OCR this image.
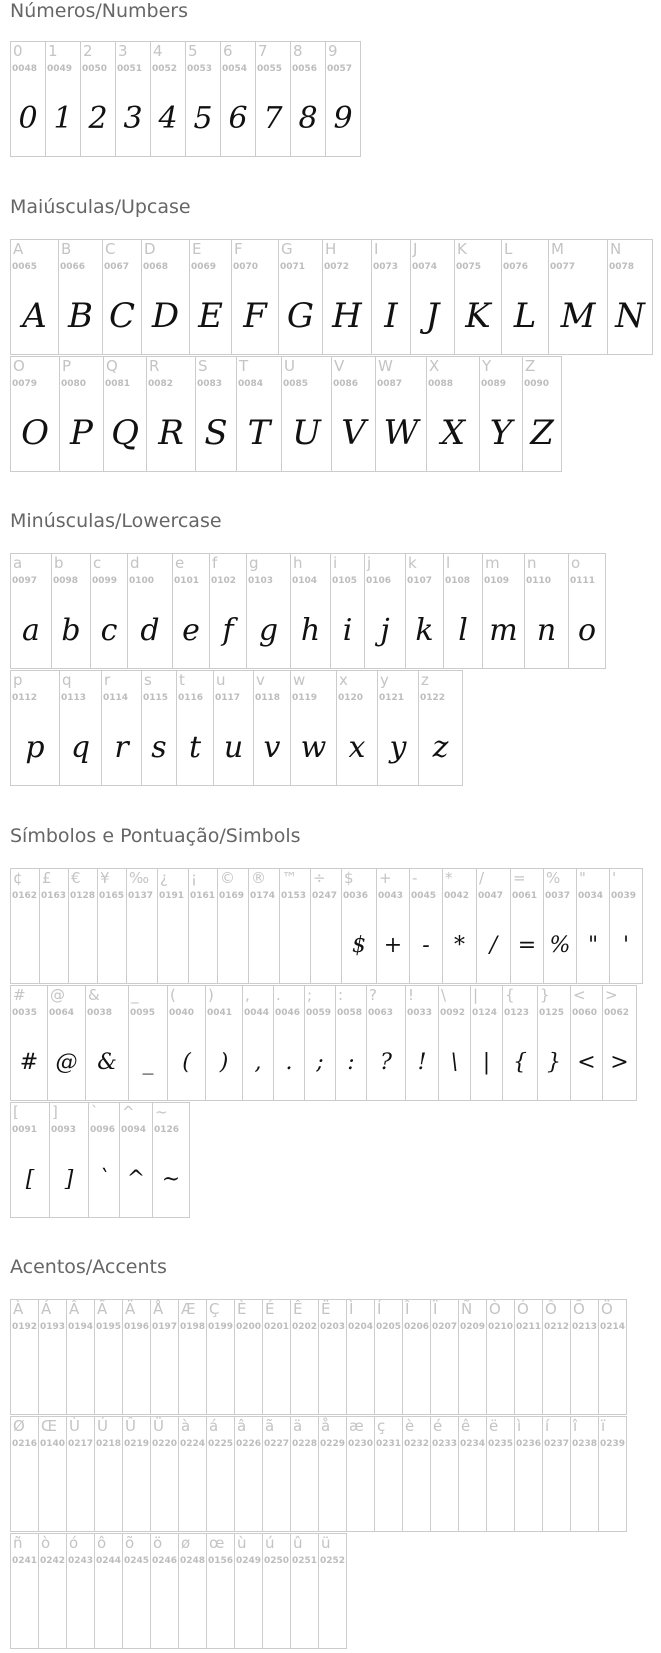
Números/Numbers
0
0048
0
1
0049
1
2
0050
2
3
0051
3
4
0052
4
5
0053
5
6
0054
6
7
0055
7
8
0056
8
9
0057
9
Maiúsculas/Upcase
A
0065
A
B
0066
B
C
0067
C
D
0068
D
E
0069
E
F
0070
F
G
0071
G
H
0072
H
I
0073
I
J
0074
J
K
0075
K
L
0076
L
M
0077
M
N
0078
N
O
0079
O
P
0080
P
Q
0081
Q
R
0082
R
S
0083
S
T
0084
T
U
0085
U
V
0086
V
W
0087
W
X
0088
X
Y
0089
Y
Z
0090
Z
Minúsculas/Lowercase
a
0097
a
b
0098
b
c
0099
c
d
0100
d
e
0101
e
f
0102
f
g
0103
g
h
0104
h
i
0105
i
j
0106
j
k
0107
k
l
0108
l
m
0109
m
n
0110
n
o
0111
o
p
0112
p
q
0113
q
r
0114
r
s
0115
s
t
0116
t
u
0117
u
v
0118
v
w
0119
w
x
0120
x
y
0121
y
z
0122
z
Símbolos e Pontuação/Simbols
¢
0162
£
0163
€
0128
¥
0165
‰
0137
¿
0191
¡
0161
©
0169
®
0174
™
0153
÷
0247
$
0036
$
+
0043
+
-
0045
-
*
0042
*
/
0047
/
=
0061
=
%
0037
%
"
0034
"
'
0039
'
#
0035
#
@
0064
@
&
0038
&
_
0095
_
(
0040
(
)
0041
)
,
0044
,
.
0046
.
;
0059
;
:
0058
:
?
0063
?
!
0033
!
\
0092
\
|
0124
|
{
0123
{
}
0125
}
<
0060
<
>
0062
>
[
0091
[
]
0093
]
`
0096
`
^
0094
^
~
0126
~
Acentos/Accents
À
0192
Á
0193
Â
0194
Ã
0195
Ä
0196
Å
0197
Æ
0198
Ç
0199
È
0200
É
0201
Ê
0202
Ë
0203
Ì
0204
Í
0205
Î
0206
Ï
0207
Ñ
0209
Ò
0210
Ó
0211
Ô
0212
Õ
0213
Ö
0214
Ø
0216
Œ
0140
Ù
0217
Ú
0218
Û
0219
Ü
0220
à
0224
á
0225
â
0226
ã
0227
ä
0228
å
0229
æ
0230
ç
0231
è
0232
é
0233
ê
0234
ë
0235
ì
0236
í
0237
î
0238
ï
0239
ñ
0241
ò
0242
ó
0243
ô
0244
õ
0245
ö
0246
ø
0248
œ
0156
ù
0249
ú
0250
û
0251
ü
0252
